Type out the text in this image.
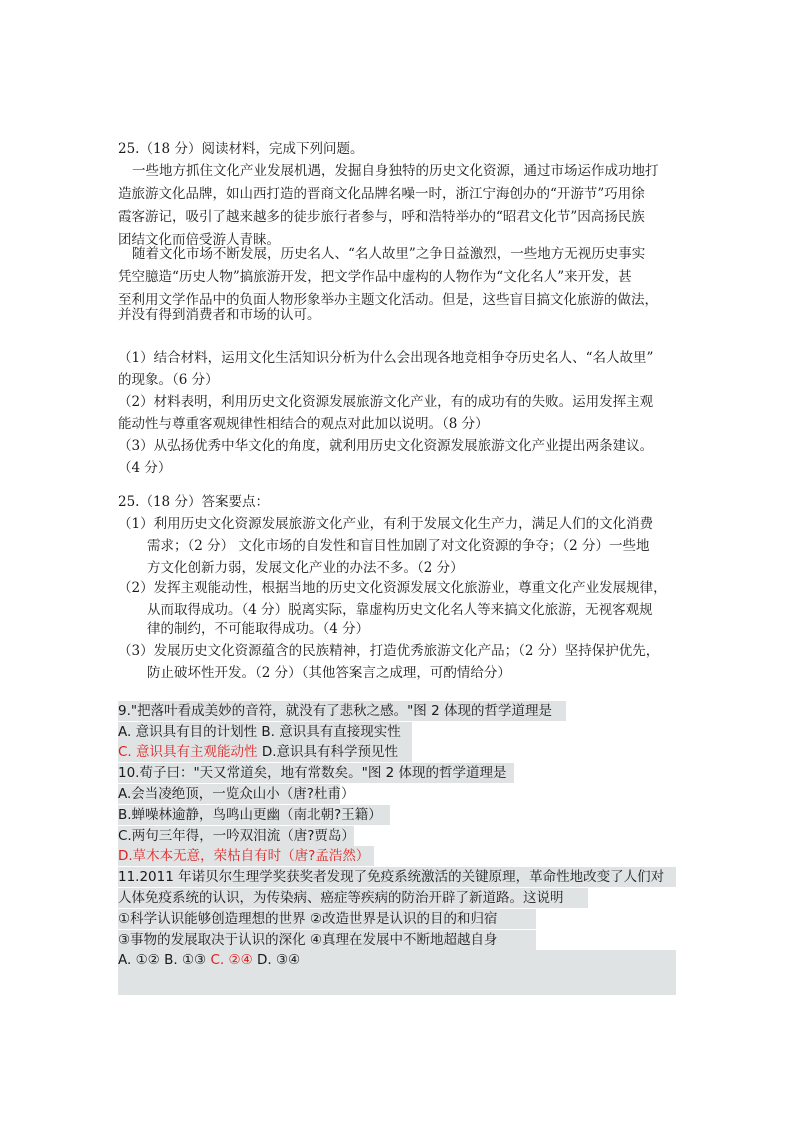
25.（18 分）阅读材料，完成下列问题。
一些地方抓住文化产业发展机遇，发掘自身独特的历史文化资源，通过市场运作成功地打
造旅游文化品牌，如山西打造的晋商文化品牌名噪一时，浙江宁海创办的“开游节”巧用徐
霞客游记，吸引了越来越多的徒步旅行者参与，呼和浩特举办的“昭君文化节”因高扬民族
团结文化而倍受游人青睐。
随着文化市场不断发展，历史名人、“名人故里”之争日益激烈，一些地方无视历史事实
凭空臆造“历史人物”搞旅游开发，把文学作品中虚构的人物作为“文化名人”来开发，甚
至利用文学作品中的负面人物形象举办主题文化活动。但是，这些盲目搞文化旅游的做法，
并没有得到消费者和市场的认可。
（1）结合材料，运用文化生活知识分析为什么会出现各地竞相争夺历史名人、“名人故里”
的现象。（6 分）
（2）材料表明，利用历史文化资源发展旅游文化产业，有的成功有的失败。运用发挥主观
能动性与尊重客观规律性相结合的观点对此加以说明。（8 分）
（3）从弘扬优秀中华文化的角度，就利用历史文化资源发展旅游文化产业提出两条建议。
（4 分）
25.（18 分）答案要点：
（1）利用历史文化资源发展旅游文化产业，有利于发展文化生产力，满足人们的文化消费
需求；（2 分） 文化市场的自发性和盲目性加剧了对文化资源的争夺；（2 分）一些地
方文化创新力弱，发展文化产业的办法不多。（2 分）
（2）发挥主观能动性，根据当地的历史文化资源发展文化旅游业，尊重文化产业发展规律，
从而取得成功。（4 分）脱离实际，靠虚构历史文化名人等来搞文化旅游，无视客观规
律的制约，不可能取得成功。（4 分）
（3）发展历史文化资源蕴含的民族精神，打造优秀旅游文化产品；（2 分）坚持保护优先，
防止破坏性开发。（2 分）（其他答案言之成理，可酌情给分）
9."把落叶看成美妙的音符，就没有了悲秋之感。"图 2 体现的哲学道理是
A. 意识具有目的计划性 B. 意识具有直接现实性
C. 意识具有主观能动性 D.意识具有科学预见性
10.荀子曰："天又常道矣，地有常数矣。"图 2 体现的哲学道理是
A.会当凌绝顶，一览众山小（唐?杜甫）
B.蝉噪林逾静，鸟鸣山更幽（南北朝?王籍）
C.两句三年得，一吟双泪流（唐?贾岛）
D.草木本无意，荣枯自有时（唐?孟浩然）
11.2011 年诺贝尔生理学奖获奖者发现了免疫系统激活的关键原理，革命性地改变了人们对
人体免疫系统的认识，为传染病、癌症等疾病的防治开辟了新道路。这说明
①科学认识能够创造理想的世界 ②改造世界是认识的目的和归宿
③事物的发展取决于认识的深化 ④真理在发展中不断地超越自身
A. ①② B. ①③ C. ②④ D. ③④
